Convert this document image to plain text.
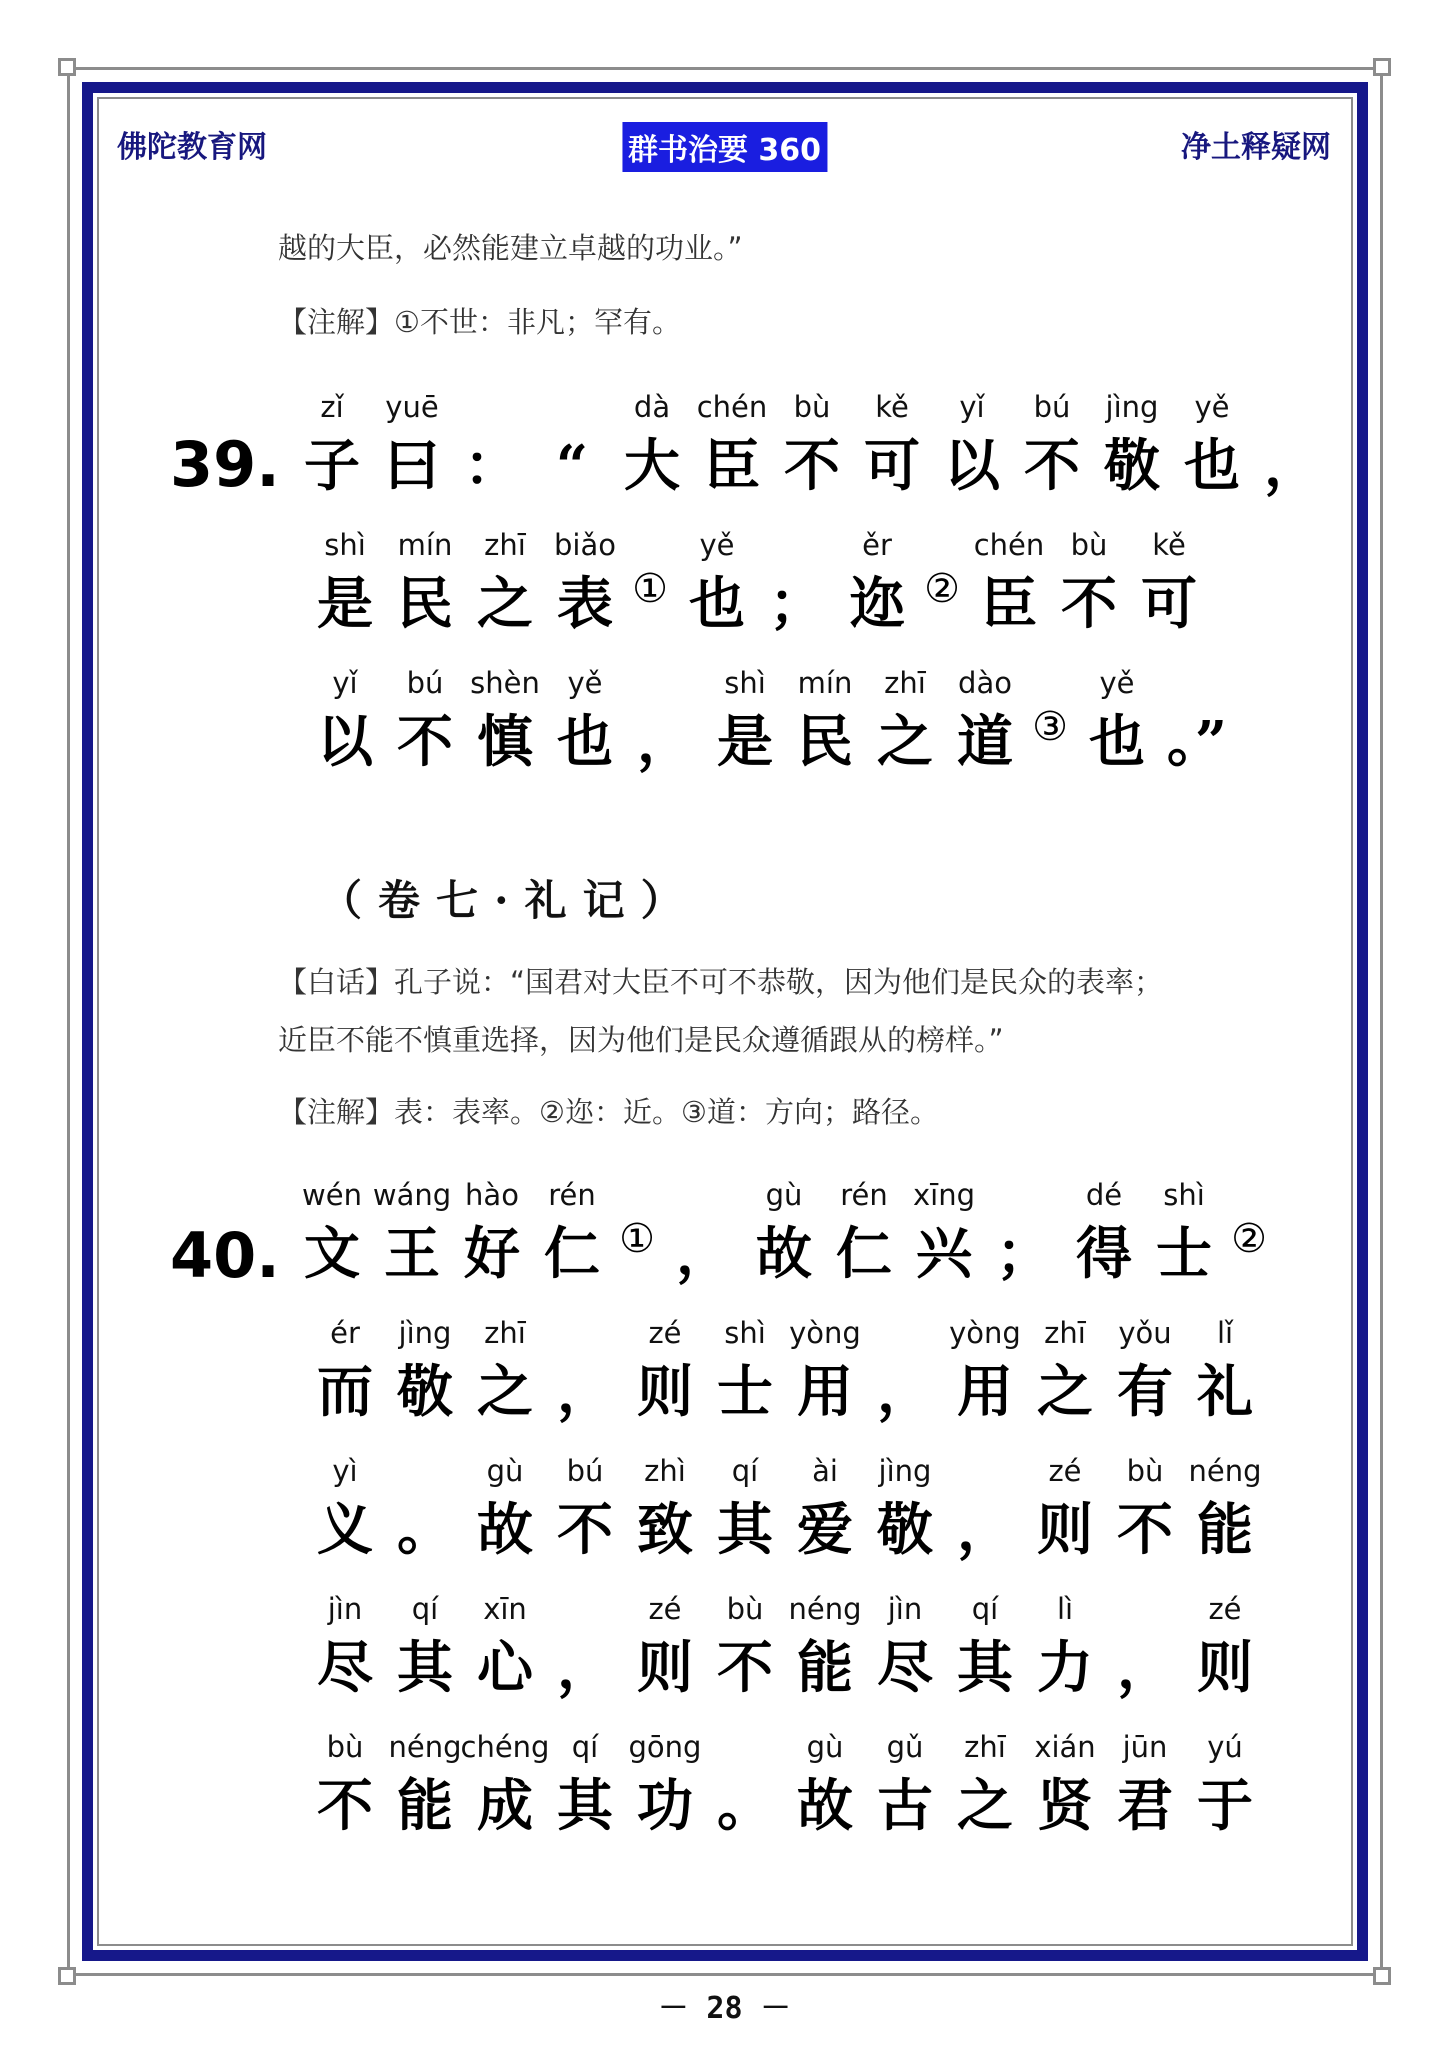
佛陀教育网	群书治要 360	净土释疑网
越的大臣，必然能建立卓越的功业。”
【注解】①不世：非凡；罕有。
39.
zǐ
子
yuē
曰 ： “
dà
大
chén
臣
bù
不
kě
可
yǐ
以
bú
不
jìng
敬
yě
也 ，
shì
是
mín
民
zhī
之
biǎo
表 ①
yě
也 ；
ěr
迩 ②
chén
臣
bù
不
kě
可
yǐ
以
bú
不
shèn
慎
yě
也 ，
shì
是
mín
民
zhī
之
dào
道 ③
yě
也 。”
（卷七·礼记）
【白话】孔子说：“国君对大臣不可不恭敬，因为他们是民众的表率；
近臣不能不慎重选择，因为他们是民众遵循跟从的榜样。”
【注解】表：表率。②迩：近。③道：方向；路径。
40.
wén
文
wáng
王
hào
好
rén
仁 ① ，
gù
故
rén
仁
xīng
兴 ；
dé
得
shì
士 ②
ér
而
jìng
敬
zhī
之 ，
zé
则
shì
士
yòng
用 ，
yòng
用
zhī
之
yǒu
有
lǐ
礼
yì
义 。
gù
故
bú
不
zhì
致
qí
其
ài
爱
jìng
敬 ，
zé
则
bù
不
néng
能
jìn
尽
qí
其
xīn
心 ，
zé
则
bù
不
néng
能
jìn
尽
qí
其
lì
力 ，
zé
则
bù
不
néng
能
chéng
成
qí
其
gōng
功 。
gù
故
gǔ
古
zhī
之
xián
贤
jūn
君
yú
于
－ 28 －
